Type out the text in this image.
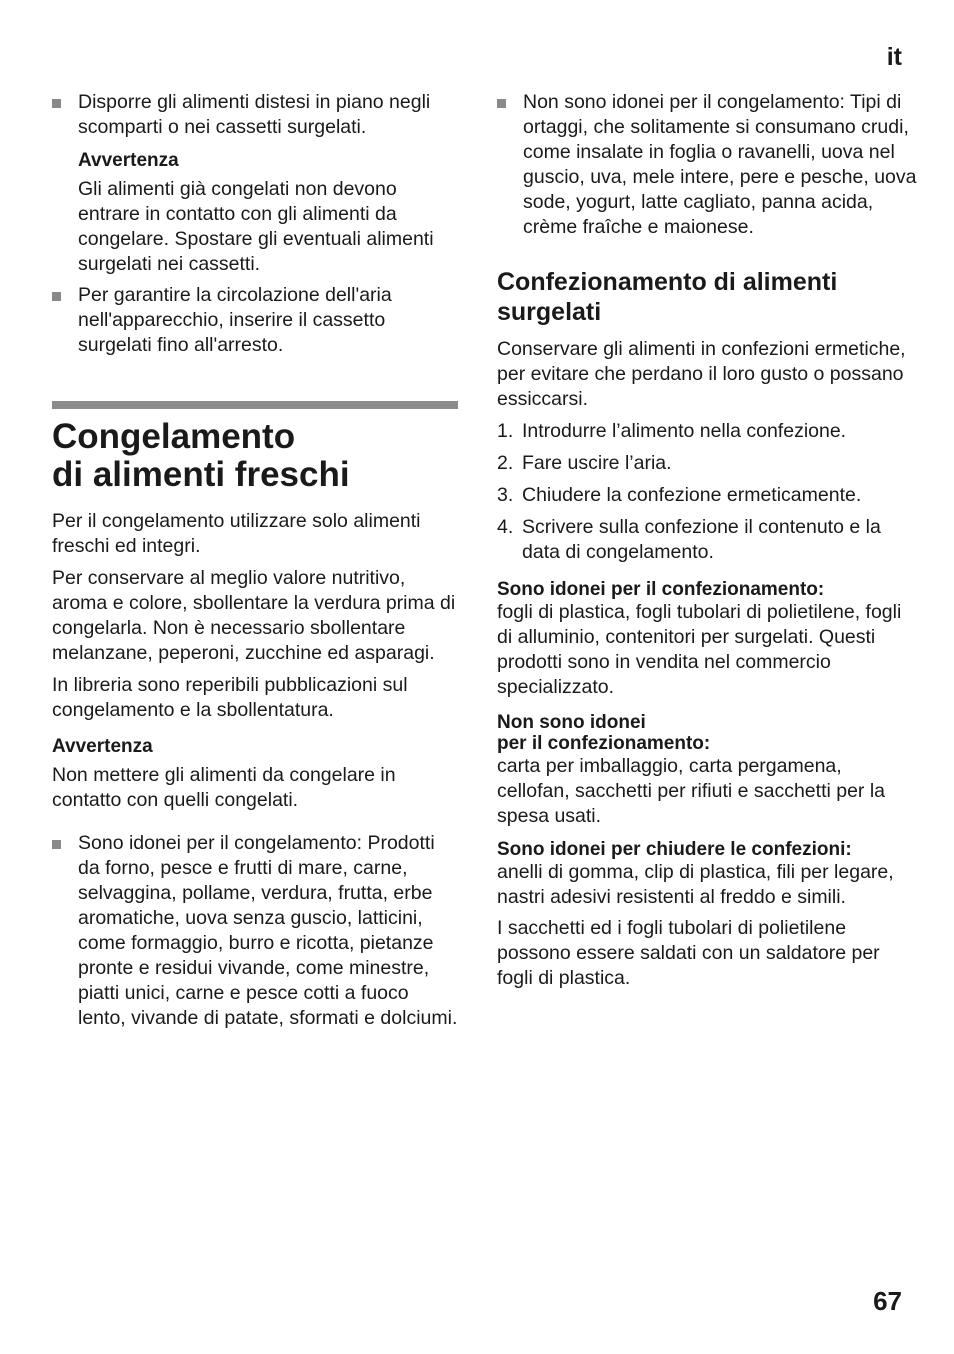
it
Disporre gli alimenti distesi in piano negli scomparti o nei cassetti surgelati.

Avvertenza

Gli alimenti già congelati non devono entrare in contatto con gli alimenti da congelare. Spostare gli eventuali alimenti surgelati nei cassetti.

Per garantire la circolazione dell'aria nell'apparecchio, inserire il cassetto surgelati fino all'arresto.
Congelamento
di alimenti freschi

Per il congelamento utilizzare solo alimenti freschi ed integri.

Per conservare al meglio valore nutritivo, aroma e colore, sbollentare la verdura prima di congelarla. Non è necessario sbollentare melanzane, peperoni, zucchine ed asparagi.

In libreria sono reperibili pubblicazioni sul congelamento e la sbollentatura.

Avvertenza

Non mettere gli alimenti da congelare in contatto con quelli congelati.

Sono idonei per il congelamento: Prodotti da forno, pesce e frutti di mare, carne, selvaggina, pollame, verdura, frutta, erbe aromatiche, uova senza guscio, latticini, come formaggio, burro e ricotta, pietanze pronte e residui vivande, come minestre, piatti unici, carne e pesce cotti a fuoco lento, vivande di patate, sformati e dolciumi.
Non sono idonei per il congelamento: Tipi di ortaggi, che solitamente si consumano crudi, come insalate in foglia o ravanelli, uova nel guscio, uva, mele intere, pere e pesche, uova sode, yogurt, latte cagliato, panna acida, crème fraîche e maionese.
Confezionamento di alimenti
surgelati

Conservare gli alimenti in confezioni ermetiche, per evitare che perdano il loro gusto o possano essiccarsi.

1. Introdurre l’alimento nella confezione.
2. Fare uscire l’aria.
3. Chiudere la confezione ermeticamente.
4. Scrivere sulla confezione il contenuto e la data di congelamento.

Sono idonei per il confezionamento:

fogli di plastica, fogli tubolari di polietilene, fogli di alluminio, contenitori per surgelati. Questi prodotti sono in vendita nel commercio specializzato.

Non sono idonei
per il confezionamento:

carta per imballaggio, carta pergamena, cellofan, sacchetti per rifiuti e sacchetti per la spesa usati.

Sono idonei per chiudere le confezioni:

anelli di gomma, clip di plastica, fili per legare, nastri adesivi resistenti al freddo e simili.

I sacchetti ed i fogli tubolari di polietilene possono essere saldati con un saldatore per fogli di plastica.

67
